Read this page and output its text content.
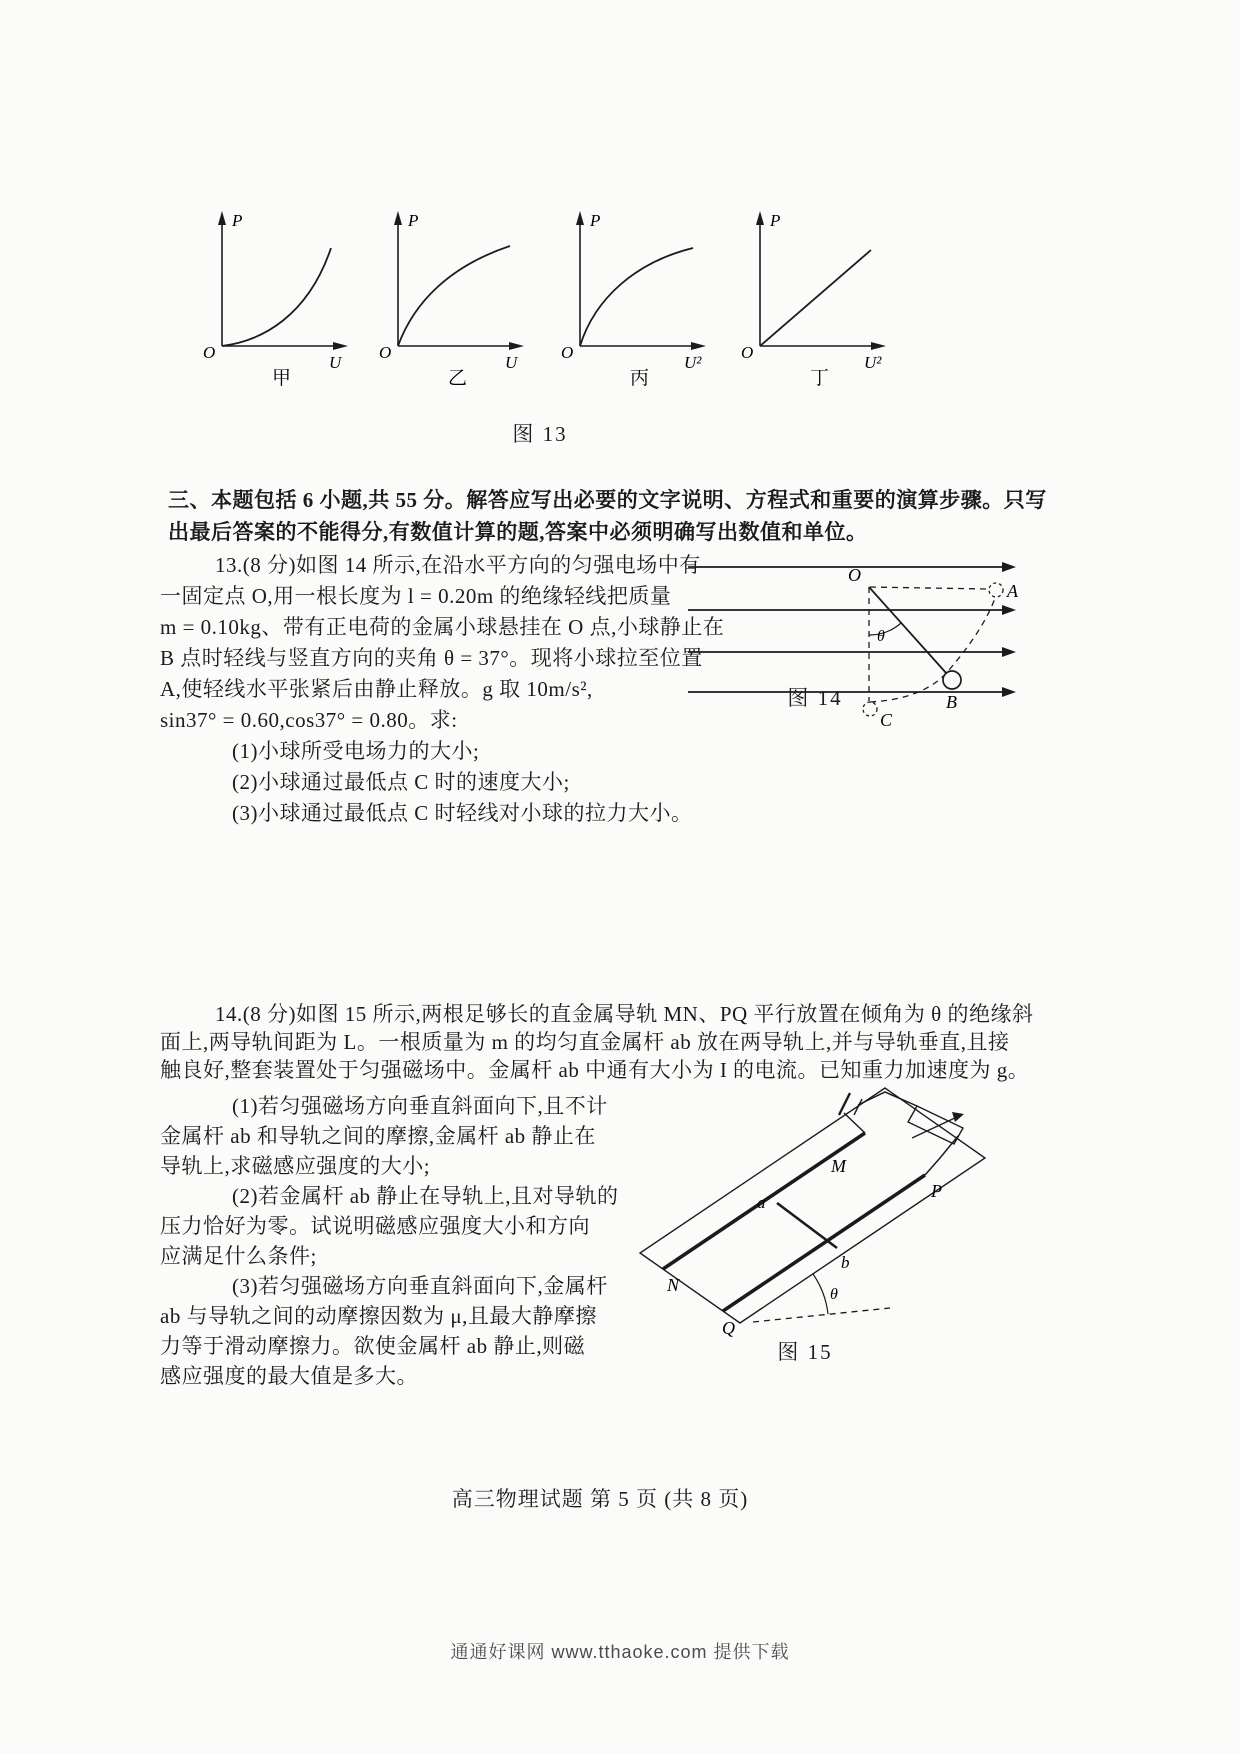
P
O
U
甲
P
O
U
乙
P
O
U²
丙
P
O
U²
丁
图 13
三、本题包括 6 小题,共 55 分。解答应写出必要的文字说明、方程式和重要的演算步骤。只写
出最后答案的不能得分,有数值计算的题,答案中必须明确写出数值和单位。
13.(8 分)如图 14 所示,在沿水平方向的匀强电场中有
一固定点 O,用一根长度为 l = 0.20m 的绝缘轻线把质量
m = 0.10kg、带有正电荷的金属小球悬挂在 O 点,小球静止在
B 点时轻线与竖直方向的夹角 θ = 37°。现将小球拉至位置
A,使轻线水平张紧后由静止释放。g 取 10m/s²,
sin37° = 0.60,cos37° = 0.80。求:
(1)小球所受电场力的大小;
(2)小球通过最低点 C 时的速度大小;
(3)小球通过最低点 C 时轻线对小球的拉力大小。
θ
O
A
B
C
图 14
14.(8 分)如图 15 所示,两根足够长的直金属导轨 MN、PQ 平行放置在倾角为 θ 的绝缘斜
面上,两导轨间距为 L。一根质量为 m 的均匀直金属杆 ab 放在两导轨上,并与导轨垂直,且接
触良好,整套装置处于匀强磁场中。金属杆 ab 中通有大小为 I 的电流。已知重力加速度为 g。
(1)若匀强磁场方向垂直斜面向下,且不计
金属杆 ab 和导轨之间的摩擦,金属杆 ab 静止在
导轨上,求磁感应强度的大小;
(2)若金属杆 ab 静止在导轨上,且对导轨的
压力恰好为零。试说明磁感应强度大小和方向
应满足什么条件;
(3)若匀强磁场方向垂直斜面向下,金属杆
ab 与导轨之间的动摩擦因数为 μ,且最大静摩擦
力等于滑动摩擦力。欲使金属杆 ab 静止,则磁
感应强度的最大值是多大。
θ
M
N
P
Q
a
b
图 15
高三物理试题 第 5 页 (共 8 页)
通通好课网 www.tthaoke.com 提供下载
